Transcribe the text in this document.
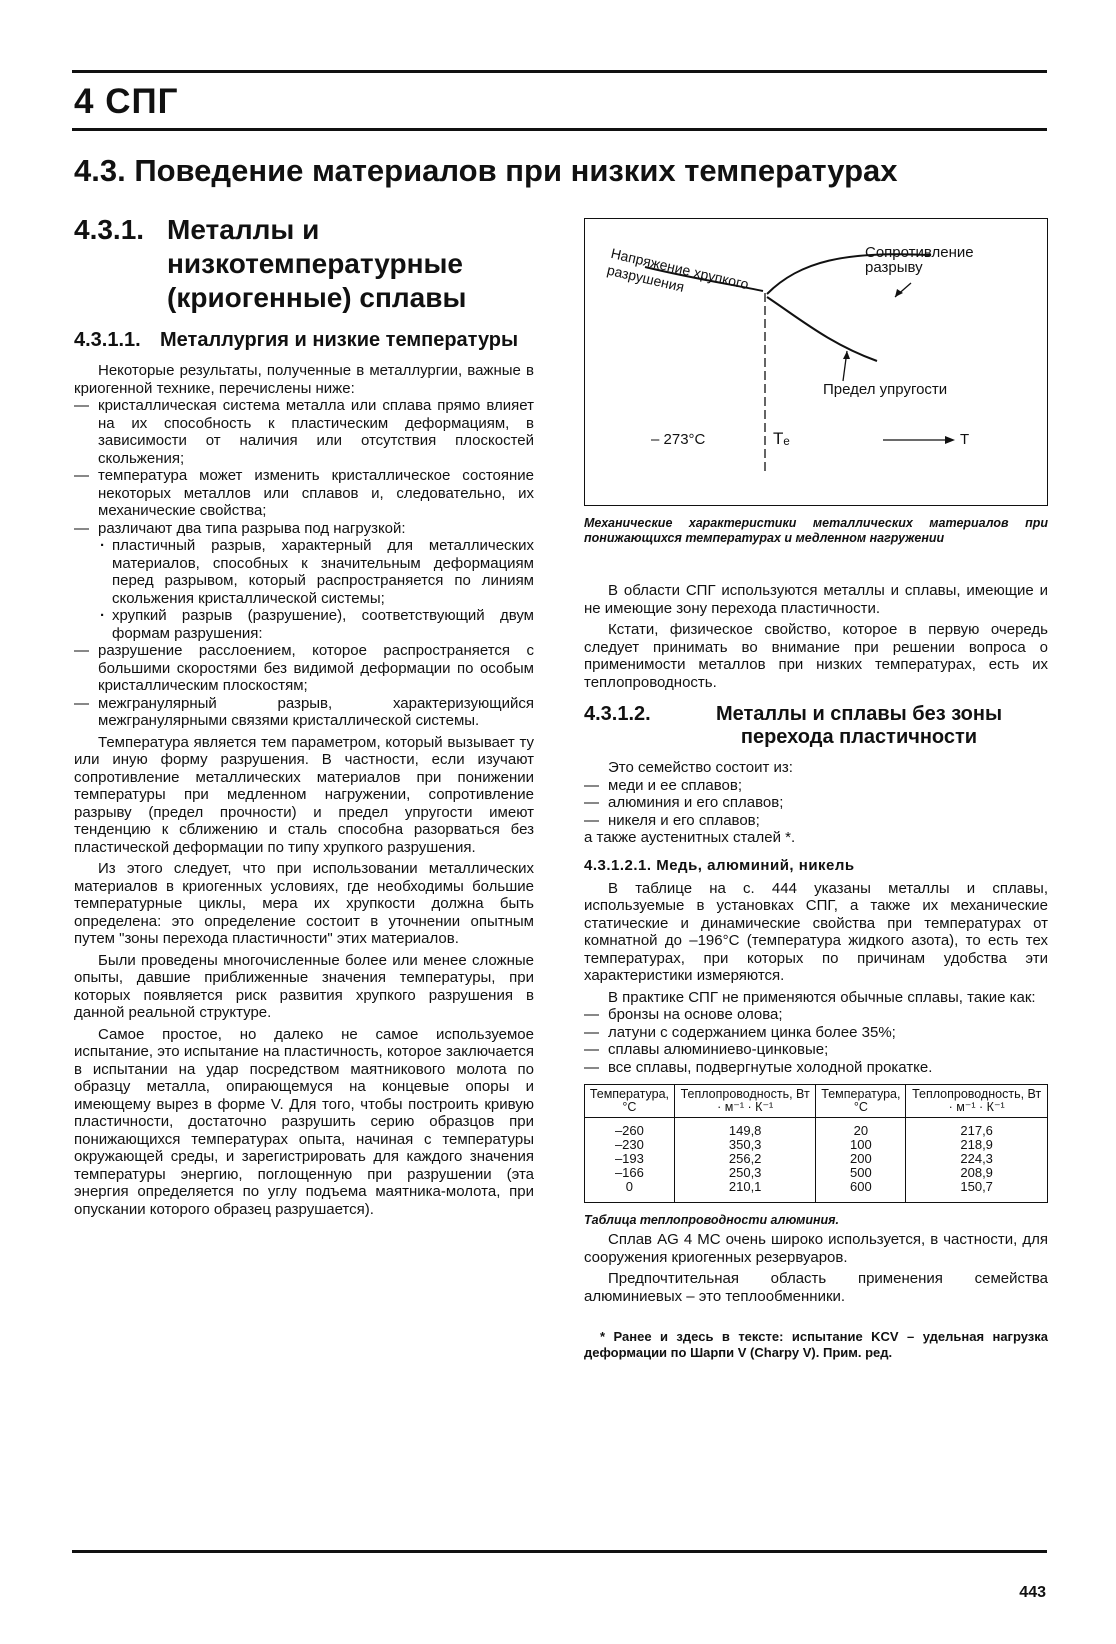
4 СПГ
4.3. Поведение материалов при низких температурах
4.3.1. Металлы и низкотемпературные (криогенные) сплавы
4.3.1.1. Металлургия и низкие температуры

Некоторые результаты, полученные в металлургии, важные в криогенной технике, перечислены ниже:

— кристаллическая система металла или сплава прямо влияет на их способность к пластическим деформациям, в зависимости от наличия или отсутствия плоскостей скольжения;

— температура может изменить кристаллическое состояние некоторых металлов или сплавов и, следовательно, их механические свойства;

— различают два типа разрыва под нагрузкой:

· пластичный разрыв, характерный для металлических материалов, способных к значительным деформациям перед разрывом, который распространяется по линиям скольжения кристаллической системы;

· хрупкий разрыв (разрушение), соответствующий двум формам разрушения:

— разрушение расслоением, которое распространяется с большими скоростями без видимой деформации по особым кристаллическим плоскостям;

— межгранулярный разрыв, характеризующийся межгранулярными связями кристаллической системы.

Температура является тем параметром, который вызывает ту или иную форму разрушения. В частности, если изучают сопротивление металлических материалов при понижении температуры при медленном нагружении, сопротивление разрыву (предел прочности) и предел упругости имеют тенденцию к сближению и сталь способна разорваться без пластической деформации по типу хрупкого разрушения.

Из этого следует, что при использовании металлических материалов в криогенных условиях, где необходимы большие температурные циклы, мера их хрупкости должна быть определена: это определение состоит в уточнении опытным путем "зоны перехода пластичности" этих материалов.

Были проведены многочисленные более или менее сложные опыты, давшие приближенные значения температуры, при которых появляется риск развития хрупкого разрушения в данной реальной структуре.

Самое простое, но далеко не самое используемое испытание, это испытание на пластичность, которое заключается в испытании на удар посредством маятникового молота по образцу металла, опирающемуся на концевые опоры и имеющему вырез в форме V. Для того, чтобы построить кривую пластичности, достаточно разрушить серию образцов при понижающихся температурах опыта, начиная с температуры окружающей среды, и зарегистрировать для каждого значения температуры энергию, поглощенную при разрушении (эта энергия определяется по углу подъема маятника-молота, при опускании которого образец разрушается).

Напряжение хрупкого разрушения
Сопротивление разрыву
Предел упругости
– 273°C	Tₑ	T
Механические характеристики металлических материалов при понижающихся температурах и медленном нагружении

В области СПГ используются металлы и сплавы, имеющие и не имеющие зону перехода пластичности.

Кстати, физическое свойство, которое в первую очередь следует принимать во внимание при решении вопроса о применимости металлов при низких температурах, есть их теплопроводность.

4.3.1.2.	Металлы и сплавы без зоны перехода пластичности

Это семейство состоит из:

— меди и ее сплавов;

— алюминия и его сплавов;

— никеля и его сплавов;

а также аустенитных сталей *.

4.3.1.2.1. Медь, алюминий, никель

В таблице на с. 444 указаны металлы и сплавы, используемые в установках СПГ, а также их механические статические и динамические свойства при температурах от комнатной до –196°C (температура жидкого азота), то есть тех температурах, при которых по причинам удобства эти характеристики измеряются.

В практике СПГ не применяются обычные сплавы, такие как:

— бронзы на основе олова;

— латуни с содержанием цинка более 35%;

— сплавы алюминиево-цинковые;

— все сплавы, подвергнутые холодной прокатке.

Температура, °C	Теплопроводность, Вт · м⁻¹ · К⁻¹	Температура, °C	Теплопроводность, Вт · м⁻¹ · К⁻¹
–260	149,8	20	217,6
–230	350,3	100	218,9
–193	256,2	200	224,3
–166	250,3	500	208,9
0	210,1	600	150,7
Таблица теплопроводности алюминия.

Сплав AG 4 MC очень широко используется, в частности, для сооружения криогенных резервуаров.

Предпочтительная область применения семейства алюминиевых – это теплообменники.

* Ранее и здесь в тексте: испытание KCV – удельная нагрузка деформации по Шарпи V (Charpy V). Прим. ред.
443
